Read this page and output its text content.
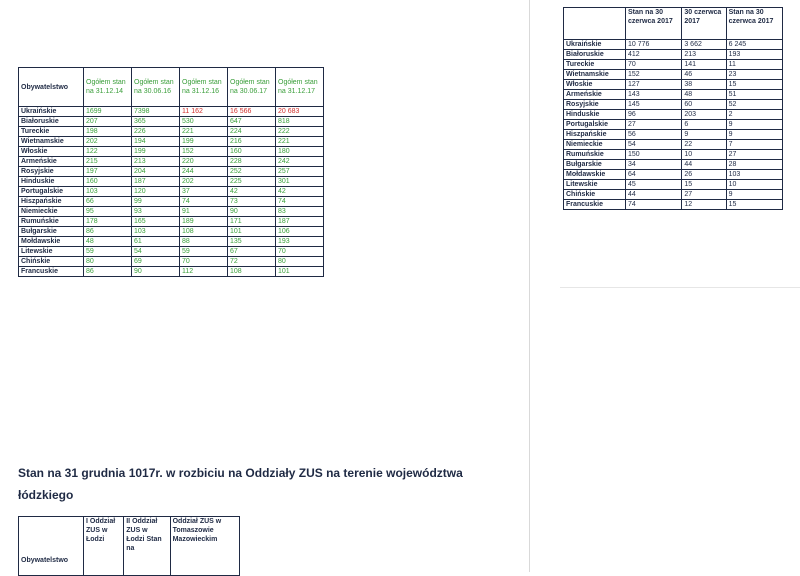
Obywatelstwo	Ogółem stan na 31.12.14	Ogółem stan na 30.06.16	Ogółem stan na 31.12.16	Ogółem stan na 30.06.17	Ogółem stan na 31.12.17
Ukraińskie	1699	7398	11 162	16 566	20 683
Białoruskie	207	365	530	647	818
Tureckie	198	226	221	224	222
Wietnamskie	202	194	199	216	221
Włoskie	122	199	152	160	180
Armeńskie	215	213	220	228	242
Rosyjskie	197	204	244	252	257
Hinduskie	160	187	202	225	301
Portugalskie	103	120	37	42	42
Hiszpańskie	66	99	74	73	74
Niemieckie	95	93	91	90	83
Rumuńskie	178	165	189	171	187
Bułgarskie	86	103	108	101	106
Mołdawskie	48	61	88	135	193
Litewskie	59	54	59	67	70
Chińskie	80	69	70	72	80
Francuskie	86	90	112	108	101
	Stan na 30 czerwca 2017	30 czerwca 2017	Stan na 30 czerwca 2017
Ukraińskie	10 776	3 662	6 245
Białoruskie	412	213	193
Tureckie	70	141	11
Wietnamskie	152	46	23
Włoskie	127	38	15
Armeńskie	143	48	51
Rosyjskie	145	60	52
Hinduskie	96	203	2
Portugalskie	27	6	9
Hiszpańskie	56	9	9
Niemieckie	54	22	7
Rumuńskie	150	10	27
Bułgarskie	34	44	28
Mołdawskie	64	26	103
Litewskie	45	15	10
Chińskie	44	27	9
Francuskie	74	12	15
Stan na 31 grudnia 1017r. w rozbiciu na Oddziały ZUS na terenie województwa łódzkiego
Obywatelstwo	I Oddział ZUS w Łodzi	II Oddział ZUS w Łodzi Stan na	Oddział ZUS w Tomaszowie Mazowieckim
